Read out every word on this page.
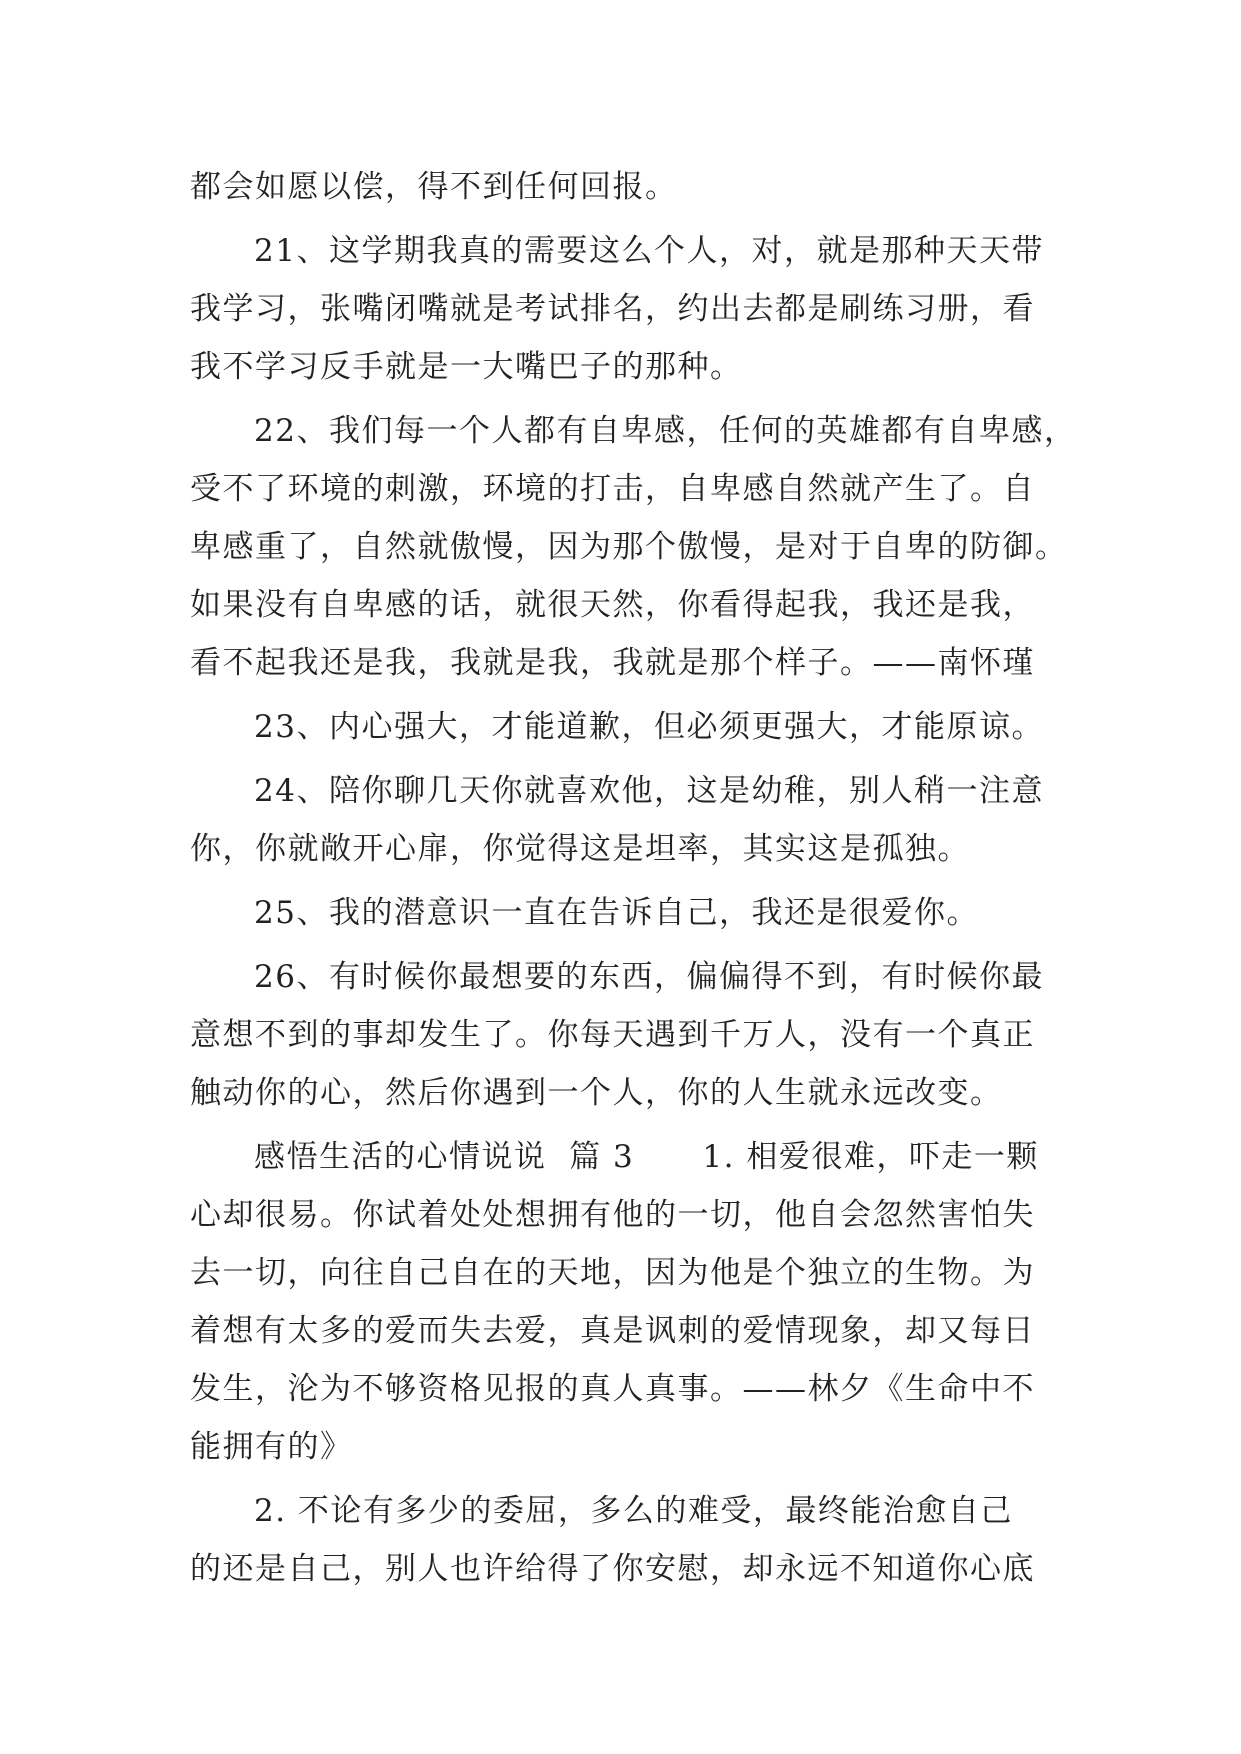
都会如愿以偿，得不到任何回报。

21、这学期我真的需要这么个人，对，就是那种天天带
我学习，张嘴闭嘴就是考试排名，约出去都是刷练习册，看
我不学习反手就是一大嘴巴子的那种。

22、我们每一个人都有自卑感，任何的英雄都有自卑感，
受不了环境的刺激，环境的打击，自卑感自然就产生了。自
卑感重了，自然就傲慢，因为那个傲慢，是对于自卑的防御。
如果没有自卑感的话，就很天然，你看得起我，我还是我，
看不起我还是我，我就是我，我就是那个样子。——南怀瑾

23、内心强大，才能道歉，但必须更强大，才能原谅。

24、陪你聊几天你就喜欢他，这是幼稚，别人稍一注意
你，你就敞开心扉，你觉得这是坦率，其实这是孤独。

25、我的潜意识一直在告诉自己，我还是很爱你。

26、有时候你最想要的东西，偏偏得不到，有时候你最
意想不到的事却发生了。你每天遇到千万人，没有一个真正
触动你的心，然后你遇到一个人，你的人生就永远改变。

感悟生活的心情说说  篇 3      1. 相爱很难，吓走一颗
心却很易。你试着处处想拥有他的一切，他自会忽然害怕失
去一切，向往自己自在的天地，因为他是个独立的生物。为
着想有太多的爱而失去爱，真是讽刺的爱情现象，却又每日
发生，沦为不够资格见报的真人真事。——林夕《生命中不
能拥有的》

2. 不论有多少的委屈，多么的难受，最终能治愈自己
的还是自己，别人也许给得了你安慰，却永远不知道你心底
